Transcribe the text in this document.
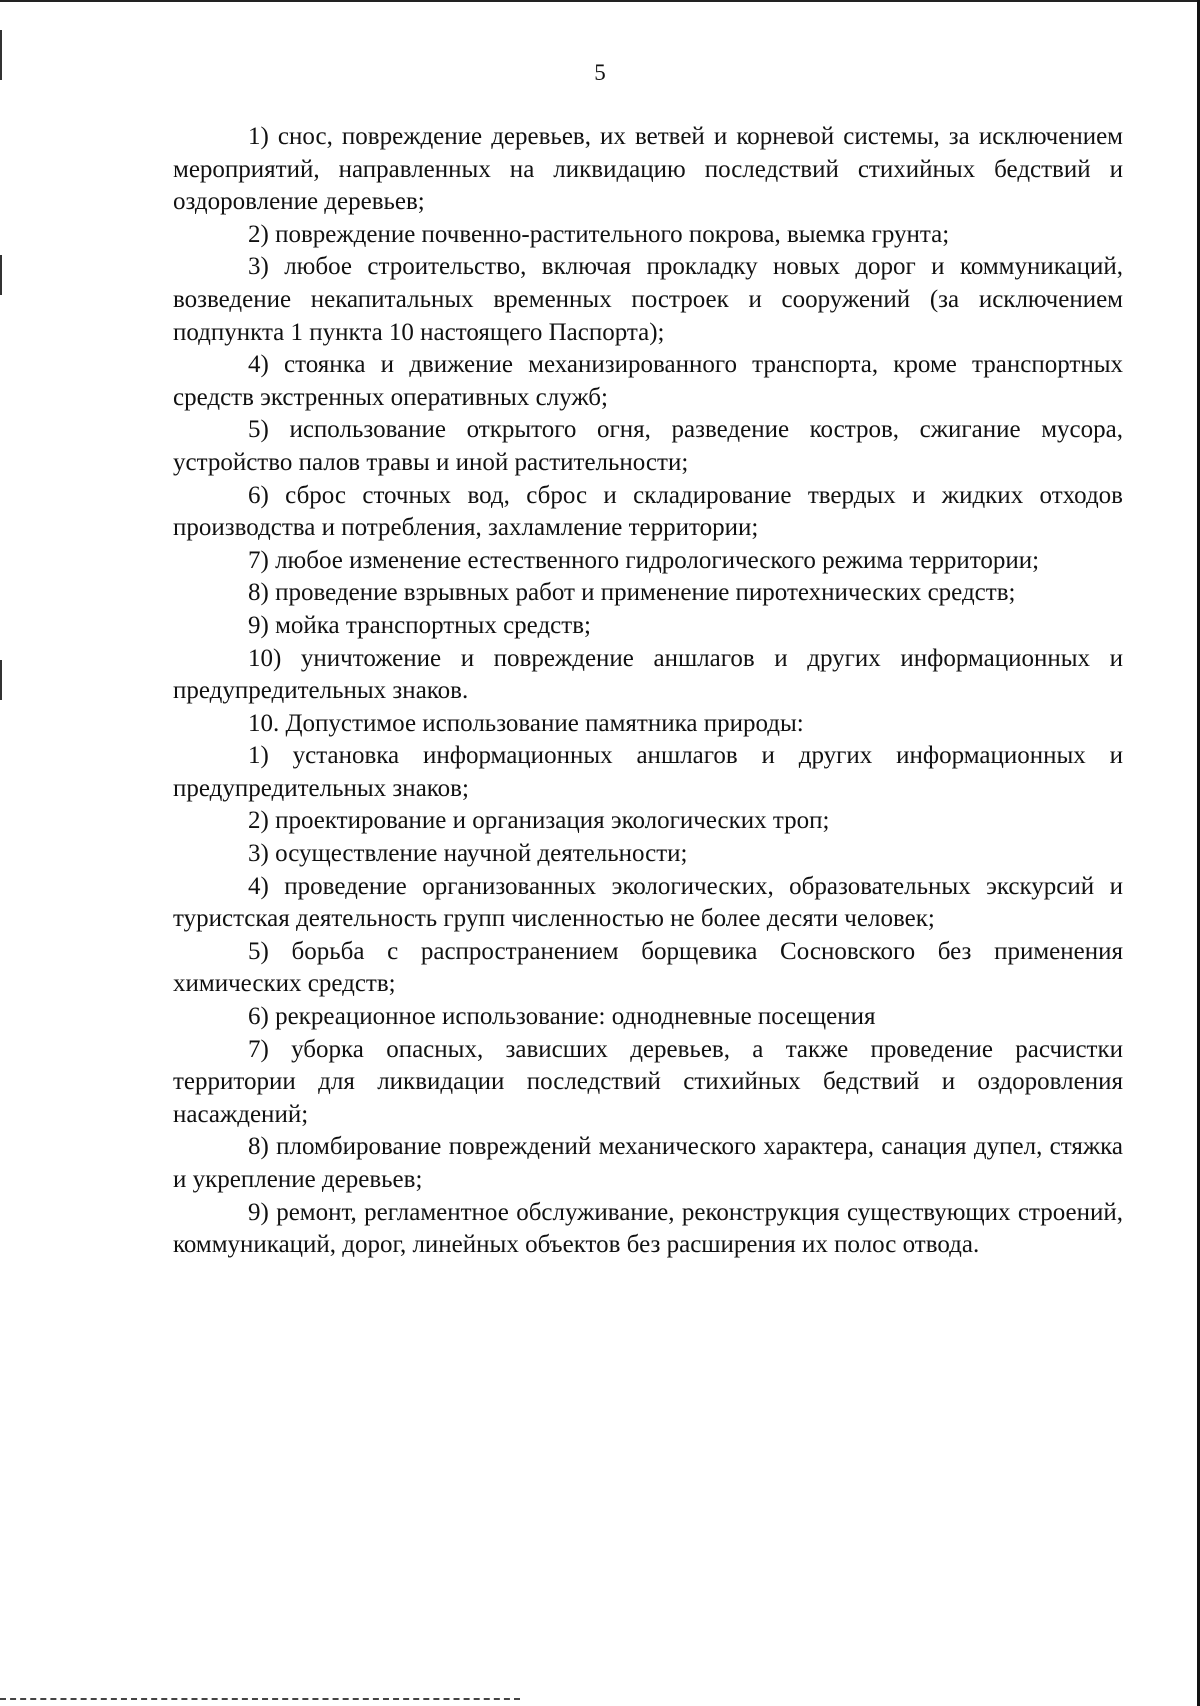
5

1) снос, повреждение деревьев, их ветвей и корневой системы, за исключением мероприятий, направленных на ликвидацию последствий стихийных бедствий и оздоровление деревьев;

2) повреждение почвенно-растительного покрова, выемка грунта;

3) любое строительство, включая прокладку новых дорог и коммуникаций, возведение некапитальных временных построек и сооружений (за исключением подпункта 1 пункта 10 настоящего Паспорта);

4) стоянка и движение механизированного транспорта, кроме транспортных средств экстренных оперативных служб;

5) использование открытого огня, разведение костров, сжигание мусора, устройство палов травы и иной растительности;

6) сброс сточных вод, сброс и складирование твердых и жидких отходов производства и потребления, захламление территории;

7) любое изменение естественного гидрологического режима территории;

8) проведение взрывных работ и применение пиротехнических средств;

9) мойка транспортных средств;

10) уничтожение и повреждение аншлагов и других информационных и предупредительных знаков.

10. Допустимое использование памятника природы:

1) установка информационных аншлагов и других информационных и предупредительных знаков;

2) проектирование и организация экологических троп;

3) осуществление научной деятельности;

4) проведение организованных экологических, образовательных экскурсий и туристская деятельность групп численностью не более десяти человек;

5) борьба с распространением борщевика Сосновского без применения химических средств;

6) рекреационное использование: однодневные посещения

7) уборка опасных, зависших деревьев, а также проведение расчистки территории для ликвидации последствий стихийных бедствий и оздоровления насаждений;

8) пломбирование повреждений механического характера, санация дупел, стяжка и укрепление деревьев;

9) ремонт, регламентное обслуживание, реконструкция существующих строений, коммуникаций, дорог, линейных объектов без расширения их полос отвода.
